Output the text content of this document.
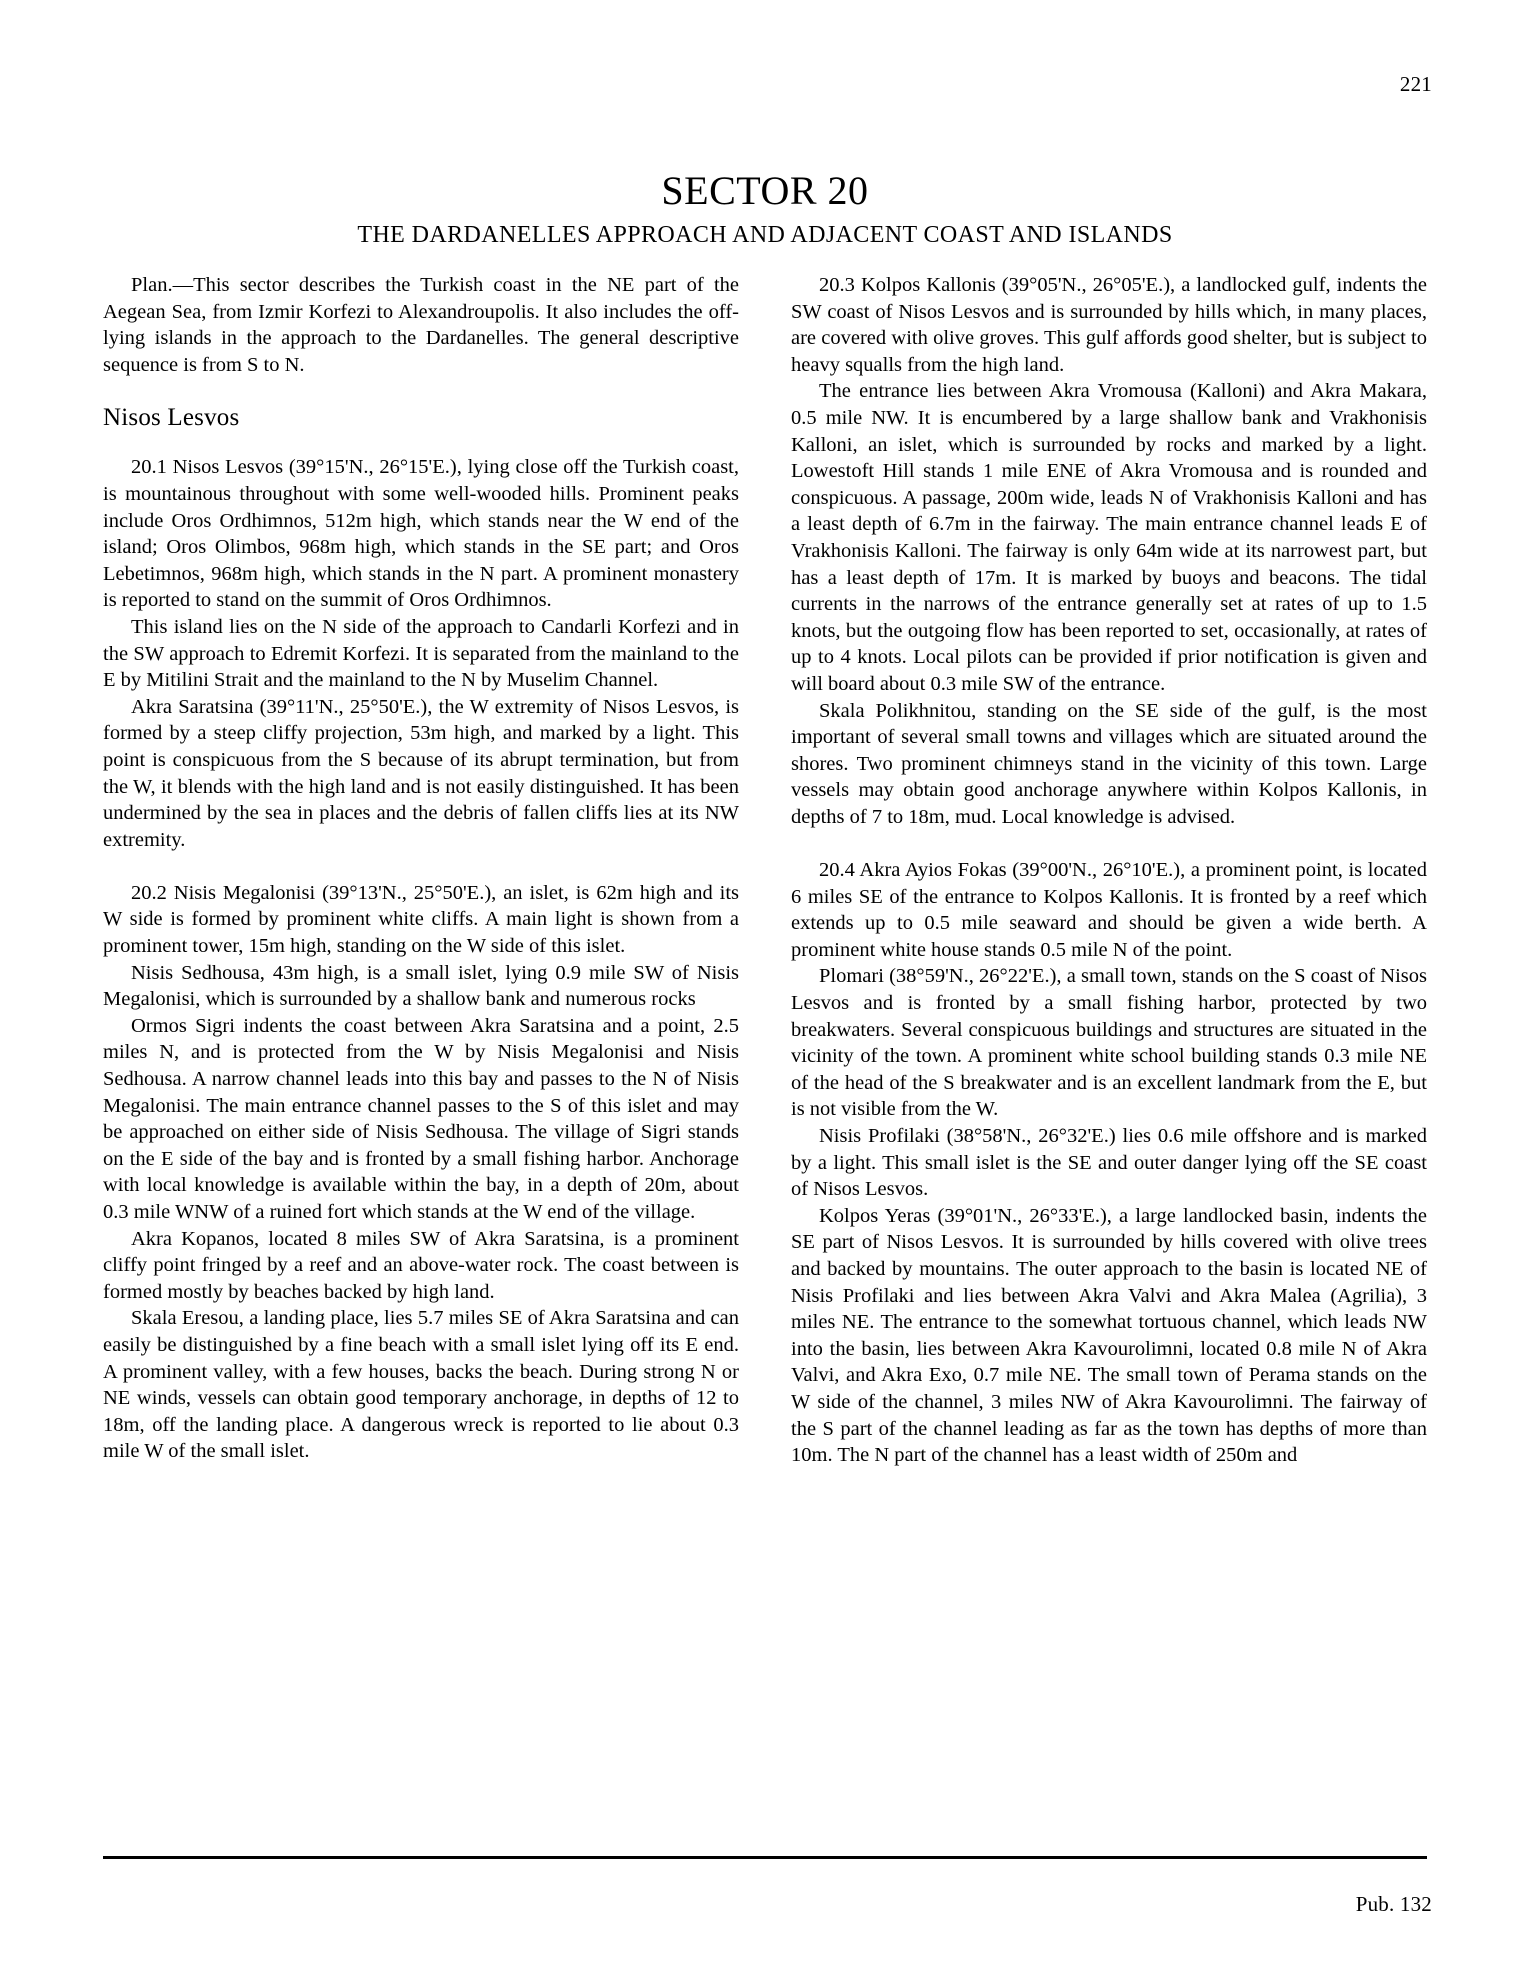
221
SECTOR 20
THE DARDANELLES APPROACH AND ADJACENT COAST AND ISLANDS

Plan.—This sector describes the Turkish coast in the NE part of the Aegean Sea, from Izmir Korfezi to Alexandroupolis. It also includes the off-lying islands in the approach to the Dardanelles. The general descriptive sequence is from S to N.

Nisos Lesvos

20.1 Nisos Lesvos (39°15'N., 26°15'E.), lying close off the Turkish coast, is mountainous throughout with some well-wooded hills. Prominent peaks include Oros Ordhimnos, 512m high, which stands near the W end of the island; Oros Olimbos, 968m high, which stands in the SE part; and Oros Lebetimnos, 968m high, which stands in the N part. A prominent monastery is reported to stand on the summit of Oros Ordhimnos.

This island lies on the N side of the approach to Candarli Korfezi and in the SW approach to Edremit Korfezi. It is separated from the mainland to the E by Mitilini Strait and the mainland to the N by Muselim Channel.

Akra Saratsina (39°11'N., 25°50'E.), the W extremity of Nisos Lesvos, is formed by a steep cliffy projection, 53m high, and marked by a light. This point is conspicuous from the S because of its abrupt termination, but from the W, it blends with the high land and is not easily distinguished. It has been undermined by the sea in places and the debris of fallen cliffs lies at its NW extremity.

20.2 Nisis Megalonisi (39°13'N., 25°50'E.), an islet, is 62m high and its W side is formed by prominent white cliffs. A main light is shown from a prominent tower, 15m high, standing on the W side of this islet.

Nisis Sedhousa, 43m high, is a small islet, lying 0.9 mile SW of Nisis Megalonisi, which is surrounded by a shallow bank and numerous rocks

Ormos Sigri indents the coast between Akra Saratsina and a point, 2.5 miles N, and is protected from the W by Nisis Megalonisi and Nisis Sedhousa. A narrow channel leads into this bay and passes to the N of Nisis Megalonisi. The main entrance channel passes to the S of this islet and may be approached on either side of Nisis Sedhousa. The village of Sigri stands on the E side of the bay and is fronted by a small fishing harbor. Anchorage with local knowledge is available within the bay, in a depth of 20m, about 0.3 mile WNW of a ruined fort which stands at the W end of the village.

Akra Kopanos, located 8 miles SW of Akra Saratsina, is a prominent cliffy point fringed by a reef and an above-water rock. The coast between is formed mostly by beaches backed by high land.

Skala Eresou, a landing place, lies 5.7 miles SE of Akra Saratsina and can easily be distinguished by a fine beach with a small islet lying off its E end. A prominent valley, with a few houses, backs the beach. During strong N or NE winds, vessels can obtain good temporary anchorage, in depths of 12 to 18m, off the landing place. A dangerous wreck is reported to lie about 0.3 mile W of the small islet.

20.3 Kolpos Kallonis (39°05'N., 26°05'E.), a landlocked gulf, indents the SW coast of Nisos Lesvos and is surrounded by hills which, in many places, are covered with olive groves. This gulf affords good shelter, but is subject to heavy squalls from the high land.

The entrance lies between Akra Vromousa (Kalloni) and Akra Makara, 0.5 mile NW. It is encumbered by a large shallow bank and Vrakhonisis Kalloni, an islet, which is surrounded by rocks and marked by a light. Lowestoft Hill stands 1 mile ENE of Akra Vromousa and is rounded and conspicuous. A passage, 200m wide, leads N of Vrakhonisis Kalloni and has a least depth of 6.7m in the fairway. The main entrance channel leads E of Vrakhonisis Kalloni. The fairway is only 64m wide at its narrowest part, but has a least depth of 17m. It is marked by buoys and beacons. The tidal currents in the narrows of the entrance generally set at rates of up to 1.5 knots, but the outgoing flow has been reported to set, occasionally, at rates of up to 4 knots. Local pilots can be provided if prior notification is given and will board about 0.3 mile SW of the entrance.

Skala Polikhnitou, standing on the SE side of the gulf, is the most important of several small towns and villages which are situated around the shores. Two prominent chimneys stand in the vicinity of this town. Large vessels may obtain good anchorage anywhere within Kolpos Kallonis, in depths of 7 to 18m, mud. Local knowledge is advised.

20.4 Akra Ayios Fokas (39°00'N., 26°10'E.), a prominent point, is located 6 miles SE of the entrance to Kolpos Kallonis. It is fronted by a reef which extends up to 0.5 mile seaward and should be given a wide berth. A prominent white house stands 0.5 mile N of the point.

Plomari (38°59'N., 26°22'E.), a small town, stands on the S coast of Nisos Lesvos and is fronted by a small fishing harbor, protected by two breakwaters. Several conspicuous buildings and structures are situated in the vicinity of the town. A prominent white school building stands 0.3 mile NE of the head of the S breakwater and is an excellent landmark from the E, but is not visible from the W.

Nisis Profilaki (38°58'N., 26°32'E.) lies 0.6 mile offshore and is marked by a light. This small islet is the SE and outer danger lying off the SE coast of Nisos Lesvos.

Kolpos Yeras (39°01'N., 26°33'E.), a large landlocked basin, indents the SE part of Nisos Lesvos. It is surrounded by hills covered with olive trees and backed by mountains. The outer approach to the basin is located NE of Nisis Profilaki and lies between Akra Valvi and Akra Malea (Agrilia), 3 miles NE. The entrance to the somewhat tortuous channel, which leads NW into the basin, lies between Akra Kavourolimni, located 0.8 mile N of Akra Valvi, and Akra Exo, 0.7 mile NE. The small town of Perama stands on the W side of the channel, 3 miles NW of Akra Kavourolimni. The fairway of the S part of the channel leading as far as the town has depths of more than 10m. The N part of the channel has a least width of 250m and

Pub. 132
